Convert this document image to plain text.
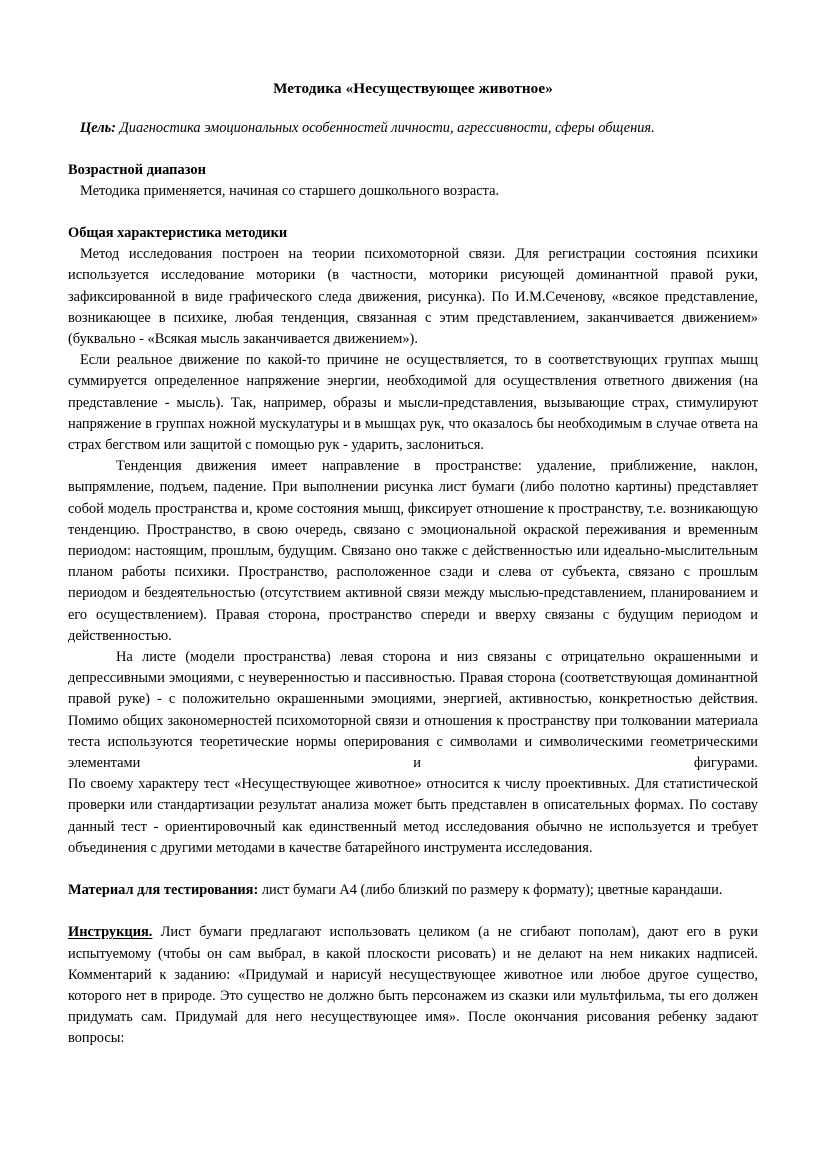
Методика «Несуществующее животное»

Цель: Диагностика эмоциональных особенностей личности, агрессивности, сферы общения.

Возрастной диапазон

Методика применяется, начиная со старшего дошкольного возраста.

Общая характеристика методики

Метод исследования построен на теории психомоторной связи. Для регистрации состояния психики используется исследование моторики (в частности, моторики рисующей доминантной правой руки, зафиксированной в виде графического следа движения, рисунка). По И.М.Сеченову, «всякое представление, возникающее в психике, любая тенденция, связанная с этим представлением, заканчивается движением» (буквально - «Всякая мысль заканчивается движением»).

Если реальное движение по какой-то причине не осуществляется, то в соответствующих группах мышц суммируется определенное напряжение энергии, необходимой для осуществления ответного движения (на представление - мысль). Так, например, образы и мысли-представления, вызывающие страх, стимулируют напряжение в группах ножной мускулатуры и в мышцах рук, что оказалось бы необходимым в случае ответа на страх бегством или защитой с помощью рук - ударить, заслониться.

Тенденция движения имеет направление в пространстве: удаление, приближение, наклон, выпрямление, подъем, падение. При выполнении рисунка лист бумаги (либо полотно картины) представляет собой модель пространства и, кроме состояния мышц, фиксирует отношение к пространству, т.е. возникающую тенденцию. Пространство, в свою очередь, связано с эмоциональной окраской переживания и временным периодом: настоящим, прошлым, будущим. Связано оно также с действенностью или идеально-мыслительным планом работы психики. Пространство, расположенное сзади и слева от субъекта, связано с прошлым периодом и бездеятельностью (отсутствием активной связи между мыслью-представлением, планированием и его осуществлением). Правая сторона, пространство спереди и вверху связаны с будущим периодом и действенностью.

На листе (модели пространства) левая сторона и низ связаны с отрицательно окрашенными и депрессивными эмоциями, с неуверенностью и пассивностью. Правая сторона (соответствующая доминантной правой руке) - с положительно окрашенными эмоциями, энергией, активностью, конкретностью действия.

Помимо общих закономерностей психомоторной связи и отношения к пространству при толковании материала теста используются теоретические нормы оперирования с символами и символическими геометрическими элементами и фигурами.

По своему характеру тест «Несуществующее животное» относится к числу проективных. Для статистической проверки или стандартизации результат анализа может быть представлен в описательных формах. По составу данный тест - ориентировочный как единственный метод исследования обычно не используется и требует объединения с другими методами в качестве батарейного инструмента исследования.

Материал для тестирования: лист бумаги А4 (либо близкий по размеру к формату); цветные карандаши.

Инструкция. Лист бумаги предлагают использовать целиком (а не сгибают пополам), дают его в руки испытуемому (чтобы он сам выбрал, в какой плоскости рисовать) и не делают на нем никаких надписей. Комментарий к заданию: «Придумай и нарисуй несуществующее животное или любое другое существо, которого нет в природе. Это существо не должно быть персонажем из сказки или мультфильма, ты его должен придумать сам. Придумай для него несуществующее имя». После окончания рисования ребенку задают вопросы:
